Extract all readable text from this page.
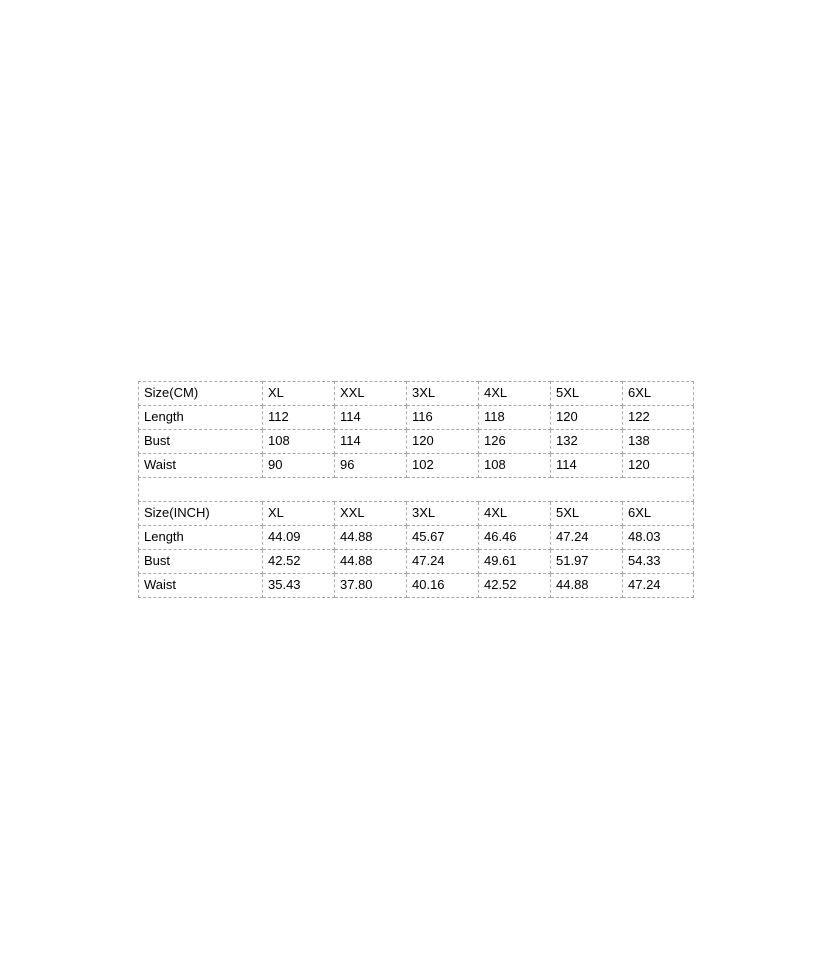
Size(CM)	XL	XXL	3XL	4XL	5XL	6XL
Length	112	114	116	118	120	122
Bust	108	114	120	126	132	138
Waist	90	96	102	108	114	120

Size(INCH)	XL	XXL	3XL	4XL	5XL	6XL
Length	44.09	44.88	45.67	46.46	47.24	48.03
Bust	42.52	44.88	47.24	49.61	51.97	54.33
Waist	35.43	37.80	40.16	42.52	44.88	47.24
